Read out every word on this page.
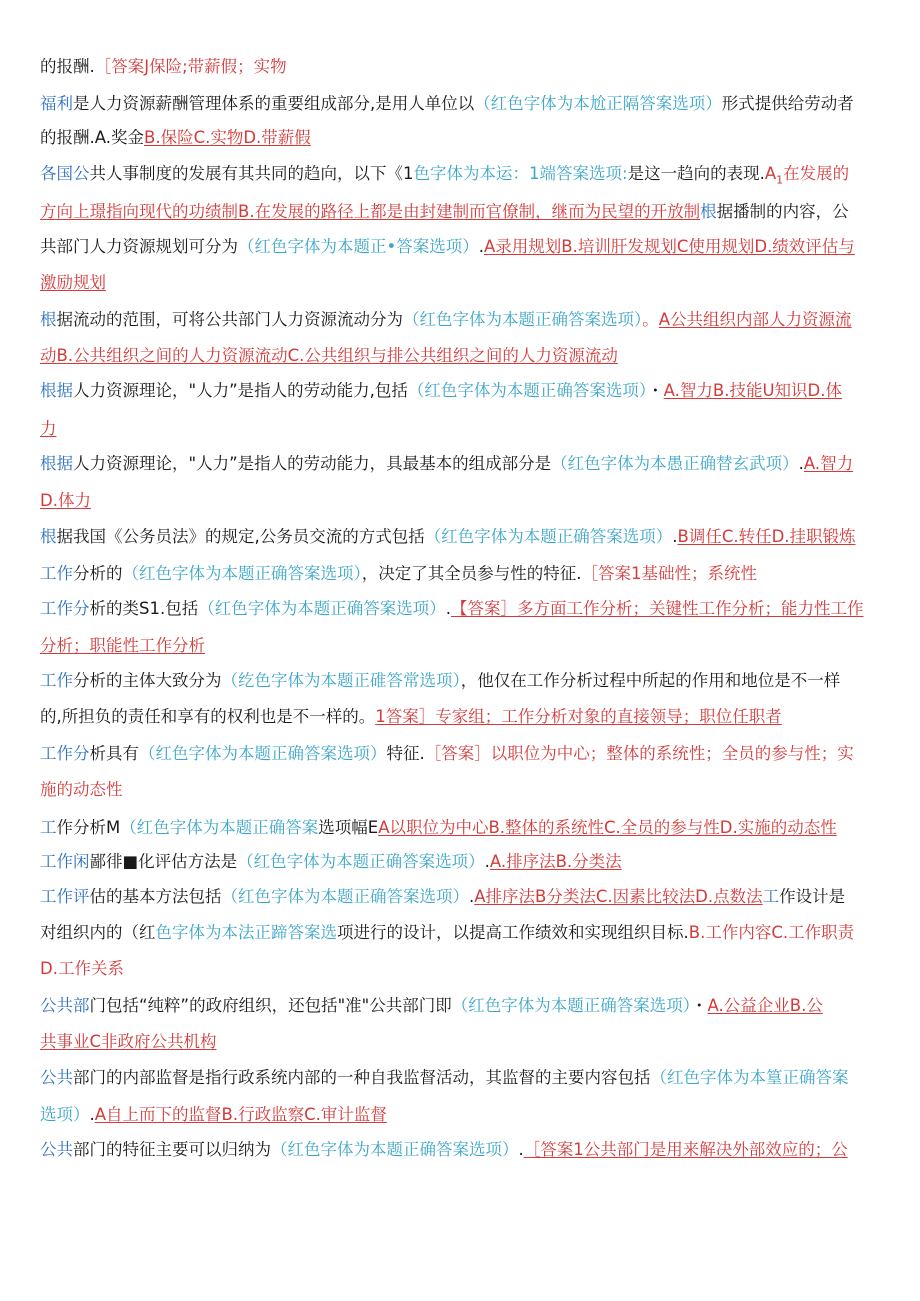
的报酬.［答案J保险;带薪假；实物
福利是人力资源薪酬管理体系的重要组成部分,是用人单位以（红色字体为本尬正隔答案选项）形式提供给劳动者
的报酬.A.奖金B.保险C.实物D.带薪假
各国公共人事制度的发展有其共同的趋向，以下《1色字体为本运：1端答案选项:是这一趋向的表现$.A_1$在发展的
方向上璟指向现代的功绩制B.在发展的路径上都是由封建制而官僚制，继而为民望的开放制根据播制的内容，公
共部门人力资源规划可分为（红色字体为本题正•答案选项）.A录用规划B.培训肝发规划C使用规划D.绩效评估与
激励规划
根据流动的范围，可将公共部门人力资源流动分为（红色字体为本题正确答案选项）。A公共组织内部人力资源流
动B.公共组织之间的人力资源流动C.公共组织与排公共组织之间的人力资源流动
根据人力资源理论，"人力”是指人的劳动能力,包括（红色字体为本题正确答案选项）・A.智力B.技能U知识D.体
力
根据人力资源理论，"人力”是指人的劳动能力，具最基本的组成部分是（红色字体为本愚正确替玄武项）.A.智力
D.体力
根据我国《公务员法》的规定,公务员交流的方式包括（红色字体为本题正确答案选项）.B调任C.转任D.挂职锻炼
工作分析的（红色字体为本题正确答案选项），决定了其全员参与性的特征.［答案1基础性；系统性
工作分析的类S1.包括（红色字体为本题正确答案选项）.【答案］多方面工作分析；关键性工作分析；能力性工作
分析；职能性工作分析
工作分析的主体大致分为（纥色字体为本题正碓答常选项），他仅在工作分析过程中所起的作用和地位是不一样
的,所担负的责任和享有的权利也是不一样的。1答案］专家组；工作分析对象的直接领导；职位任职者
工作分析具有（红色字体为本题正确答案选项）特征.［答案］以职位为中心；整体的系统性；全员的参与性；实
施的动态性
工作分析M（红色字体为本题正确答案选项幅EA以职位为中心B.整体的系统性C.全员的参与性D.实施的动态性
工作闲鄙徘■化评估方法是（红色字体为本题正确答案选项）.A.排序法B.分类法
工作评估的基本方法包括（红色字体为本题正确答案选项）.A排序法B分类法C.因素比较法D.点数法工作设计是
对组织内的（红色字体为本法正蹄答案选项进行的设计，以提高工作绩效和实现组织目标.B.工作内容C.工作职责
D.工作关系
公共部门包括“纯粹”的政府组织，还包括"准"公共部门即（红色字体为本题正确答案选项）・A.公益企业B.公
共事业C非政府公共机构
公共部门的内部监督是指行政系统内部的一种自我监督活动，其监督的主要内容包括（红色字体为本篁正确答案
选项）.A自上而下的监督B.行政监察C.审计监督
公共部门的特征主要可以归纳为（红色字体为本题正确答案选项）.［答案1公共部门是用来解决外部效应的；公
